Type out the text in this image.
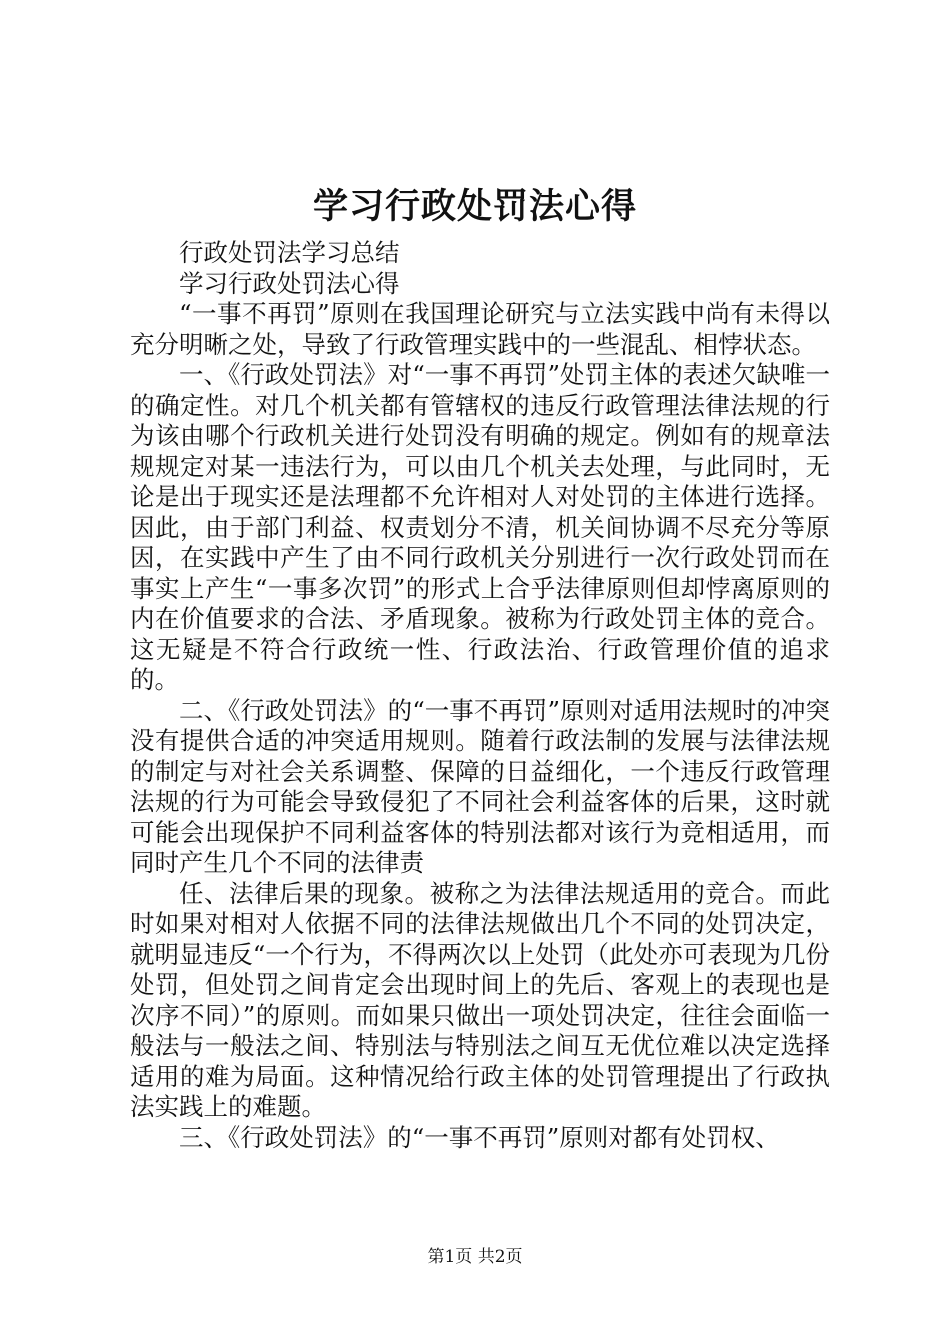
学习行政处罚法心得

行政处罚法学习总结

学习行政处罚法心得

“一事不再罚”原则在我国理论研究与立法实践中尚有未得以充分明晰之处，导致了行政管理实践中的一些混乱、相悖状态。

一、《行政处罚法》对“一事不再罚”处罚主体的表述欠缺唯一的确定性。对几个机关都有管辖权的违反行政管理法律法规的行为该由哪个行政机关进行处罚没有明确的规定。例如有的规章法规规定对某一违法行为，可以由几个机关去处理，与此同时，无论是出于现实还是法理都不允许相对人对处罚的主体进行选择。因此，由于部门利益、权责划分不清，机关间协调不尽充分等原因，在实践中产生了由不同行政机关分别进行一次行政处罚而在事实上产生“一事多次罚”的形式上合乎法律原则但却悖离原则的内在价值要求的合法、矛盾现象。被称为行政处罚主体的竞合。这无疑是不符合行政统一性、行政法治、行政管理价值的追求的。

二、《行政处罚法》的“一事不再罚”原则对适用法规时的冲突没有提供合适的冲突适用规则。随着行政法制的发展与法律法规的制定与对社会关系调整、保障的日益细化，一个违反行政管理法规的行为可能会导致侵犯了不同社会利益客体的后果，这时就可能会出现保护不同利益客体的特别法都对该行为竞相适用，而同时产生几个不同的法律责

任、法律后果的现象。被称之为法律法规适用的竞合。而此时如果对相对人依据不同的法律法规做出几个不同的处罚决定，就明显违反“一个行为，不得两次以上处罚（此处亦可表现为几份处罚，但处罚之间肯定会出现时间上的先后、客观上的表现也是次序不同）”的原则。而如果只做出一项处罚决定，往往会面临一般法与一般法之间、特别法与特别法之间互无优位难以决定选择适用的难为局面。这种情况给行政主体的处罚管理提出了行政执法实践上的难题。

三、《行政处罚法》的“一事不再罚”原则对都有处罚权、

第1页 共2页
